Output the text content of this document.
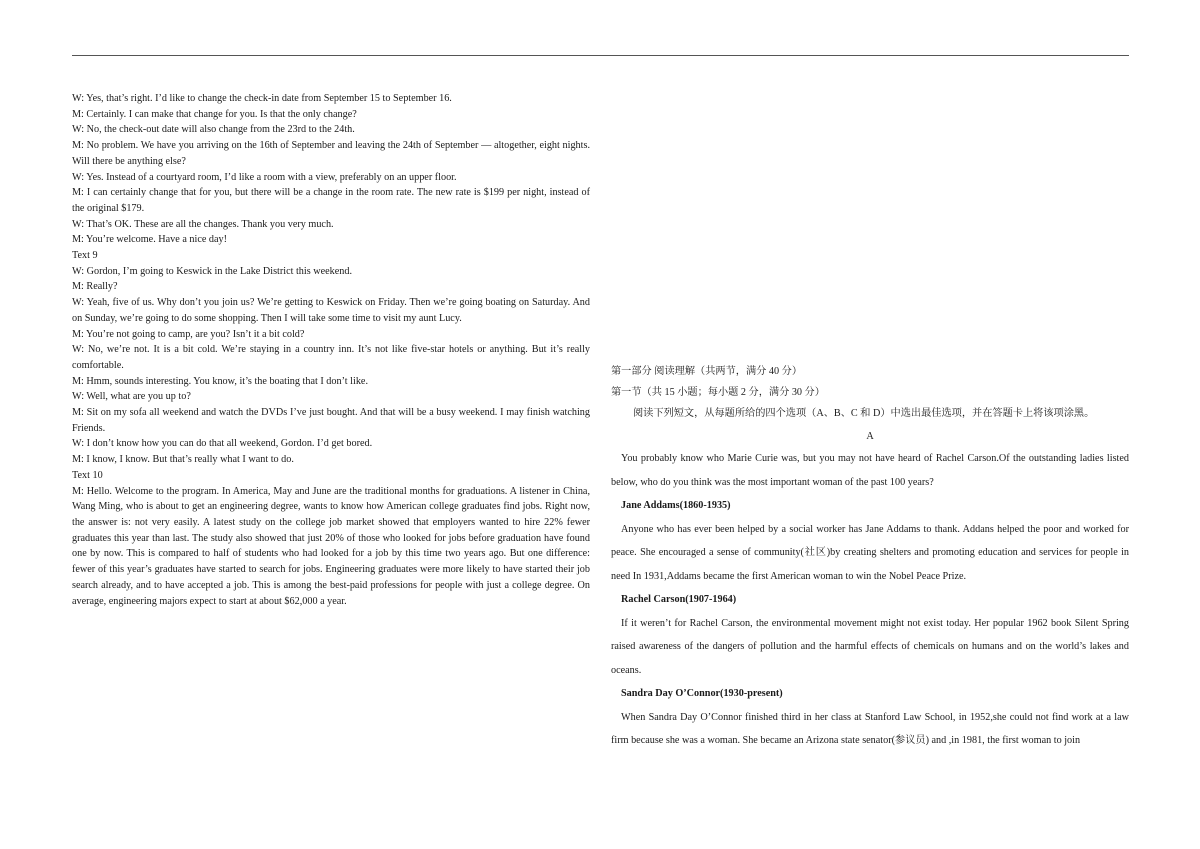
W: Yes, that’s right. I’d like to change the check-in date from September 15 to September 16.

M: Certainly. I can make that change for you. Is that the only change?

W: No, the check-out date will also change from the 23rd to the 24th.

M: No problem. We have you arriving on the 16th of September and leaving the 24th of September — altogether, eight nights. Will there be anything else?

W: Yes. Instead of a courtyard room, I’d like a room with a view, preferably on an upper floor.

M: I can certainly change that for you, but there will be a change in the room rate. The new rate is $199 per night, instead of the original $179.

W: That’s OK. These are all the changes. Thank you very much.

M: You’re welcome. Have a nice day!

Text 9

W: Gordon, I’m going to Keswick in the Lake District this weekend.

M: Really?

W: Yeah, five of us. Why don’t you join us? We’re getting to Keswick on Friday. Then we’re going boating on Saturday. And on Sunday, we’re going to do some shopping. Then I will take some time to visit my aunt Lucy.

M: You’re not going to camp, are you? Isn’t it a bit cold?

W: No, we’re not. It is a bit cold. We’re staying in a country inn. It’s not like five-star hotels or anything. But it’s really comfortable.

M: Hmm, sounds interesting. You know, it’s the boating that I don’t like.

W: Well, what are you up to?

M: Sit on my sofa all weekend and watch the DVDs I’ve just bought. And that will be a busy weekend. I may finish watching Friends.

W: I don’t know how you can do that all weekend, Gordon. I’d get bored.

M: I know, I know. But that’s really what I want to do.

Text 10

M: Hello. Welcome to the program. In America, May and June are the traditional months for graduations. A listener in China, Wang Ming, who is about to get an engineering degree, wants to know how American college graduates find jobs. Right now, the answer is: not very easily. A latest study on the college job market showed that employers wanted to hire 22% fewer graduates this year than last. The study also showed that just 20% of those who looked for jobs before graduation have found one by now. This is compared to half of students who had looked for a job by this time two years ago. But one difference: fewer of this year’s graduates have started to search for jobs. Engineering graduates were more likely to have started their job search already, and to have accepted a job. This is among the best-paid professions for people with just a college degree. On average, engineering majors expect to start at about $62,000 a year.

第一部分 阅读理解（共两节，满分 40 分）

第一节（共 15 小题；每小题 2 分，满分 30 分）

阅读下列短文，从每题所给的四个选项（A、B、C 和 D）中选出最佳选项，并在答题卡上将该项涂黑。

A

You probably know who Marie Curie was, but you may not have heard of Rachel Carson.Of the outstanding ladies listed below, who do you think was the most important woman of the past 100 years?

Jane Addams(1860-1935)

Anyone who has ever been helped by a social worker has Jane Addams to thank. Addans helped the poor and worked for peace. She encouraged a sense of community(社区)by creating shelters and promoting education and services for people in need In 1931,Addams became the first American woman to win the Nobel Peace Prize.

Rachel Carson(1907-1964)

If it weren’t for Rachel Carson, the environmental movement might not exist today. Her popular 1962 book Silent Spring raised awareness of the dangers of pollution and the harmful effects of chemicals on humans and on the world’s lakes and oceans.

Sandra Day O’Connor(1930-present)

When Sandra Day O’Connor finished third in her class at Stanford Law School, in 1952,she could not find work at a law firm because she was a woman. She became an Arizona state senator(参议员) and ,in 1981, the first woman to join
